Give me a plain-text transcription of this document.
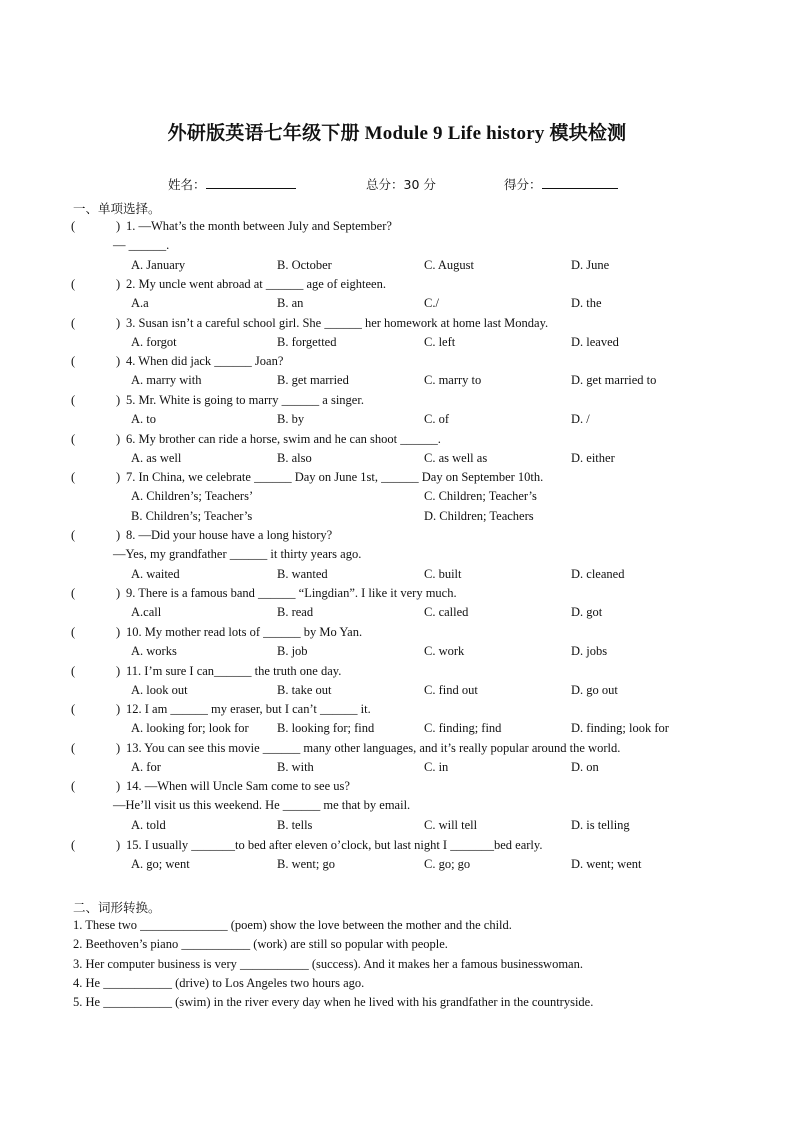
外研版英语七年级下册 Module 9 Life history 模块检测
姓名：	总分：30 分	得分：
一、单项选择。
(	) 1. —What’s the month between July and September?
— ______.
A. January	B. October	C. August	D. June
(	) 2. My uncle went abroad at ______ age of eighteen.
A.a	B. an	C./	D. the
(	) 3. Susan isn’t a careful school girl. She ______ her homework at home last Monday.
A. forgot	B. forgetted	C. left	D. leaved
(	) 4. When did jack ______ Joan?
A. marry with	B. get married	C. marry to	D. get married to
(	) 5. Mr. White is going to marry ______ a singer.
A. to	B. by	C. of	D. /
(	) 6. My brother can ride a horse, swim and he can shoot ______.
A. as well	B. also	C. as well as	D. either
(	) 7. In China, we celebrate ______ Day on June 1st, ______ Day on September 10th.
A. Children’s; Teachers’	C. Children; Teacher’s
B. Children’s; Teacher’s	D. Children; Teachers
(	) 8. —Did your house have a long history?
—Yes, my grandfather ______ it thirty years ago.
A. waited	B. wanted	C. built	D. cleaned
(	) 9. There is a famous band ______ “Lingdian”. I like it very much.
A.call	B. read	C. called	D. got
(	) 10. My mother read lots of ______ by Mo Yan.
A. works	B. job	C. work	D. jobs
(	) 11. I’m sure I can______ the truth one day.
A. look out	B. take out	C. find out	D. go out
(	) 12. I am ______ my eraser, but I can’t ______ it.
A. looking for; look for B. looking for; find	C. finding; find	D. finding; look for
(	) 13. You can see this movie ______ many other languages, and it’s really popular around the world.
A. for	B. with	C. in	D. on
(	) 14. —When will Uncle Sam come to see us?
—He’ll visit us this weekend. He ______ me that by email.
A. told	B. tells	C. will tell	D. is telling
(	) 15. I usually _______to bed after eleven o’clock, but last night I _______bed early.
A. go; went	B. went; go	C. go; go	D. went; went
二、词形转换。
1. These two ______________ (poem) show the love between the mother and the child.
2. Beethoven’s piano ___________ (work) are still so popular with people.
3. Her computer business is very ___________ (success). And it makes her a famous businesswoman.
4. He ___________ (drive) to Los Angeles two hours ago.
5. He ___________ (swim) in the river every day when he lived with his grandfather in the countryside.
